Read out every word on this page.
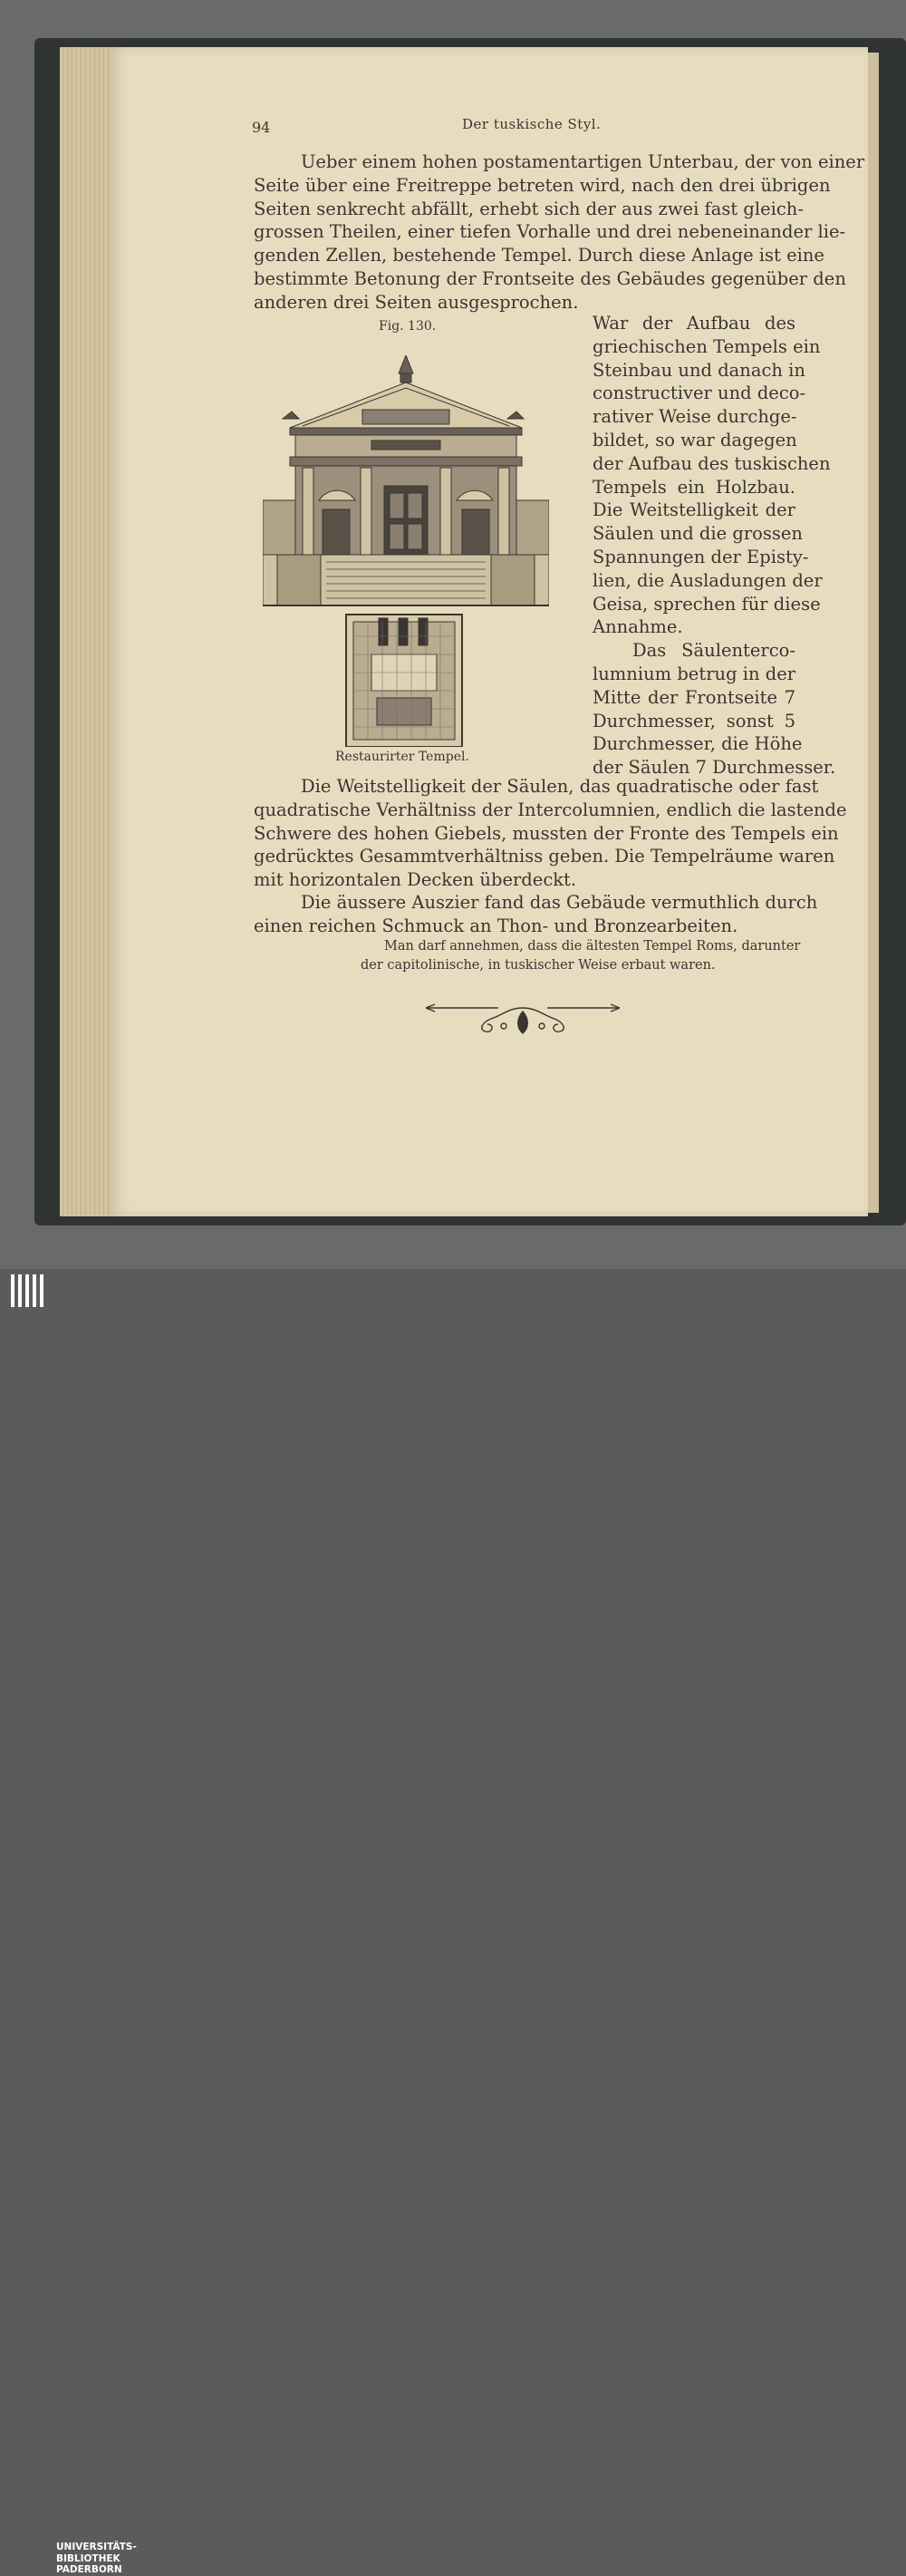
94	Der tuskische Styl.
Ueber einem hohen postamentartigen Unterbau, der von einer
Seite über eine Freitreppe betreten wird, nach den drei übrigen
Seiten senkrecht abfällt, erhebt sich der aus zwei fast gleich-
grossen Theilen, einer tiefen Vorhalle und drei nebeneinander lie-
genden Zellen, bestehende Tempel. Durch diese Anlage ist eine
bestimmte Betonung der Frontseite des Gebäudes gegenüber den
anderen drei Seiten ausgesprochen.
Fig. 130.
Restaurirter Tempel.
War der Aufbau des
griechischen Tempels ein
Steinbau und danach in
constructiver und deco-
rativer Weise durchge-
bildet, so war dagegen
der Aufbau des tuskischen
Tempels ein Holzbau.
Die Weitstelligkeit der
Säulen und die grossen
Spannungen der Episty-
lien, die Ausladungen der
Geisa, sprechen für diese
Annahme.
Das Säulenterco-
lumnium betrug in der
Mitte der Frontseite 7
Durchmesser, sonst 5
Durchmesser, die Höhe
der Säulen 7 Durchmesser.
Die Weitstelligkeit der Säulen, das quadratische oder fast
quadratische Verhältniss der Intercolumnien, endlich die lastende
Schwere des hohen Giebels, mussten der Fronte des Tempels ein
gedrücktes Gesammtverhältniss geben. Die Tempelräume waren
mit horizontalen Decken überdeckt.
Die äussere Auszier fand das Gebäude vermuthlich durch
einen reichen Schmuck an Thon- und Bronzearbeiten.
Man darf annehmen, dass die ältesten Tempel Roms, darunter
der capitolinische, in tuskischer Weise erbaut waren.
UNIVERSITÄTS-
BIBLIOTHEK
PADERBORN
